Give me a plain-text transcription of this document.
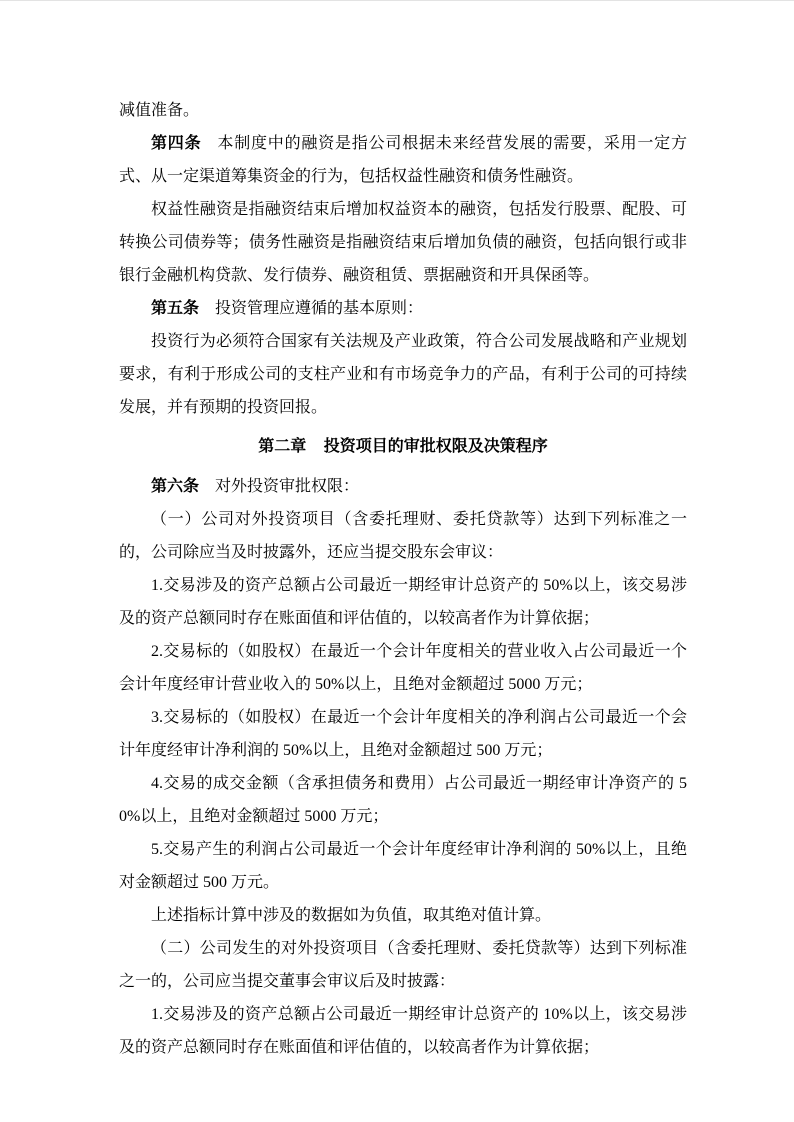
减值准备。

第四条 本制度中的融资是指公司根据未来经营发展的需要，采用一定方式、从一定渠道筹集资金的行为，包括权益性融资和债务性融资。

权益性融资是指融资结束后增加权益资本的融资，包括发行股票、配股、可转换公司债券等；债务性融资是指融资结束后增加负债的融资，包括向银行或非银行金融机构贷款、发行债券、融资租赁、票据融资和开具保函等。

第五条 投资管理应遵循的基本原则：

投资行为必须符合国家有关法规及产业政策，符合公司发展战略和产业规划要求，有利于形成公司的支柱产业和有市场竞争力的产品，有利于公司的可持续发展，并有预期的投资回报。

第二章 投资项目的审批权限及决策程序

第六条 对外投资审批权限：

（一）公司对外投资项目（含委托理财、委托贷款等）达到下列标准之一的，公司除应当及时披露外，还应当提交股东会审议：

1.交易涉及的资产总额占公司最近一期经审计总资产的 50%以上，该交易涉及的资产总额同时存在账面值和评估值的，以较高者作为计算依据；

2.交易标的（如股权）在最近一个会计年度相关的营业收入占公司最近一个会计年度经审计营业收入的 50%以上，且绝对金额超过 5000 万元；

3.交易标的（如股权）在最近一个会计年度相关的净利润占公司最近一个会计年度经审计净利润的 50%以上，且绝对金额超过 500 万元；

4.交易的成交金额（含承担债务和费用）占公司最近一期经审计净资产的 50%以上，且绝对金额超过 5000 万元；

5.交易产生的利润占公司最近一个会计年度经审计净利润的 50%以上，且绝对金额超过 500 万元。

上述指标计算中涉及的数据如为负值，取其绝对值计算。

（二）公司发生的对外投资项目（含委托理财、委托贷款等）达到下列标准之一的，公司应当提交董事会审议后及时披露：

1.交易涉及的资产总额占公司最近一期经审计总资产的 10%以上，该交易涉及的资产总额同时存在账面值和评估值的，以较高者作为计算依据；
